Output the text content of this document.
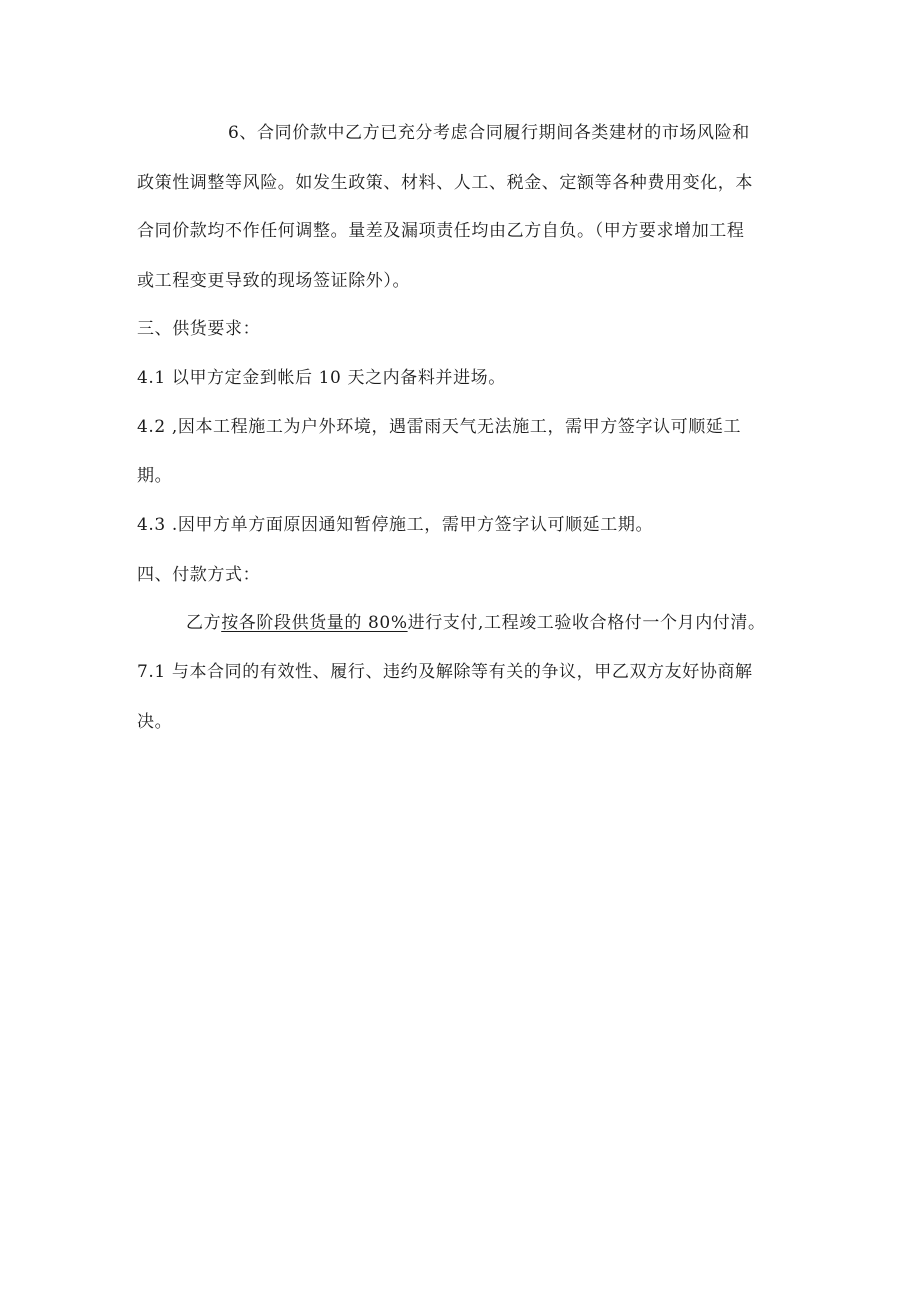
6、合同价款中乙方已充分考虑合同履行期间各类建材的市场风险和
政策性调整等风险。如发生政策、材料、人工、税金、定额等各种费用变化，本
合同价款均不作任何调整。量差及漏项责任均由乙方自负。（甲方要求增加工程
或工程变更导致的现场签证除外）。
三、供货要求：
4.1 以甲方定金到帐后 10 天之内备料并进场。
4.2 ,因本工程施工为户外环境，遇雷雨天气无法施工，需甲方签字认可顺延工
期。
4.3 .因甲方单方面原因通知暂停施工，需甲方签字认可顺延工期。
四、付款方式：
乙方按各阶段供货量的 80%进行支付,工程竣工验收合格付一个月内付清。
7.1 与本合同的有效性、履行、违约及解除等有关的争议，甲乙双方友好协商解
决。
